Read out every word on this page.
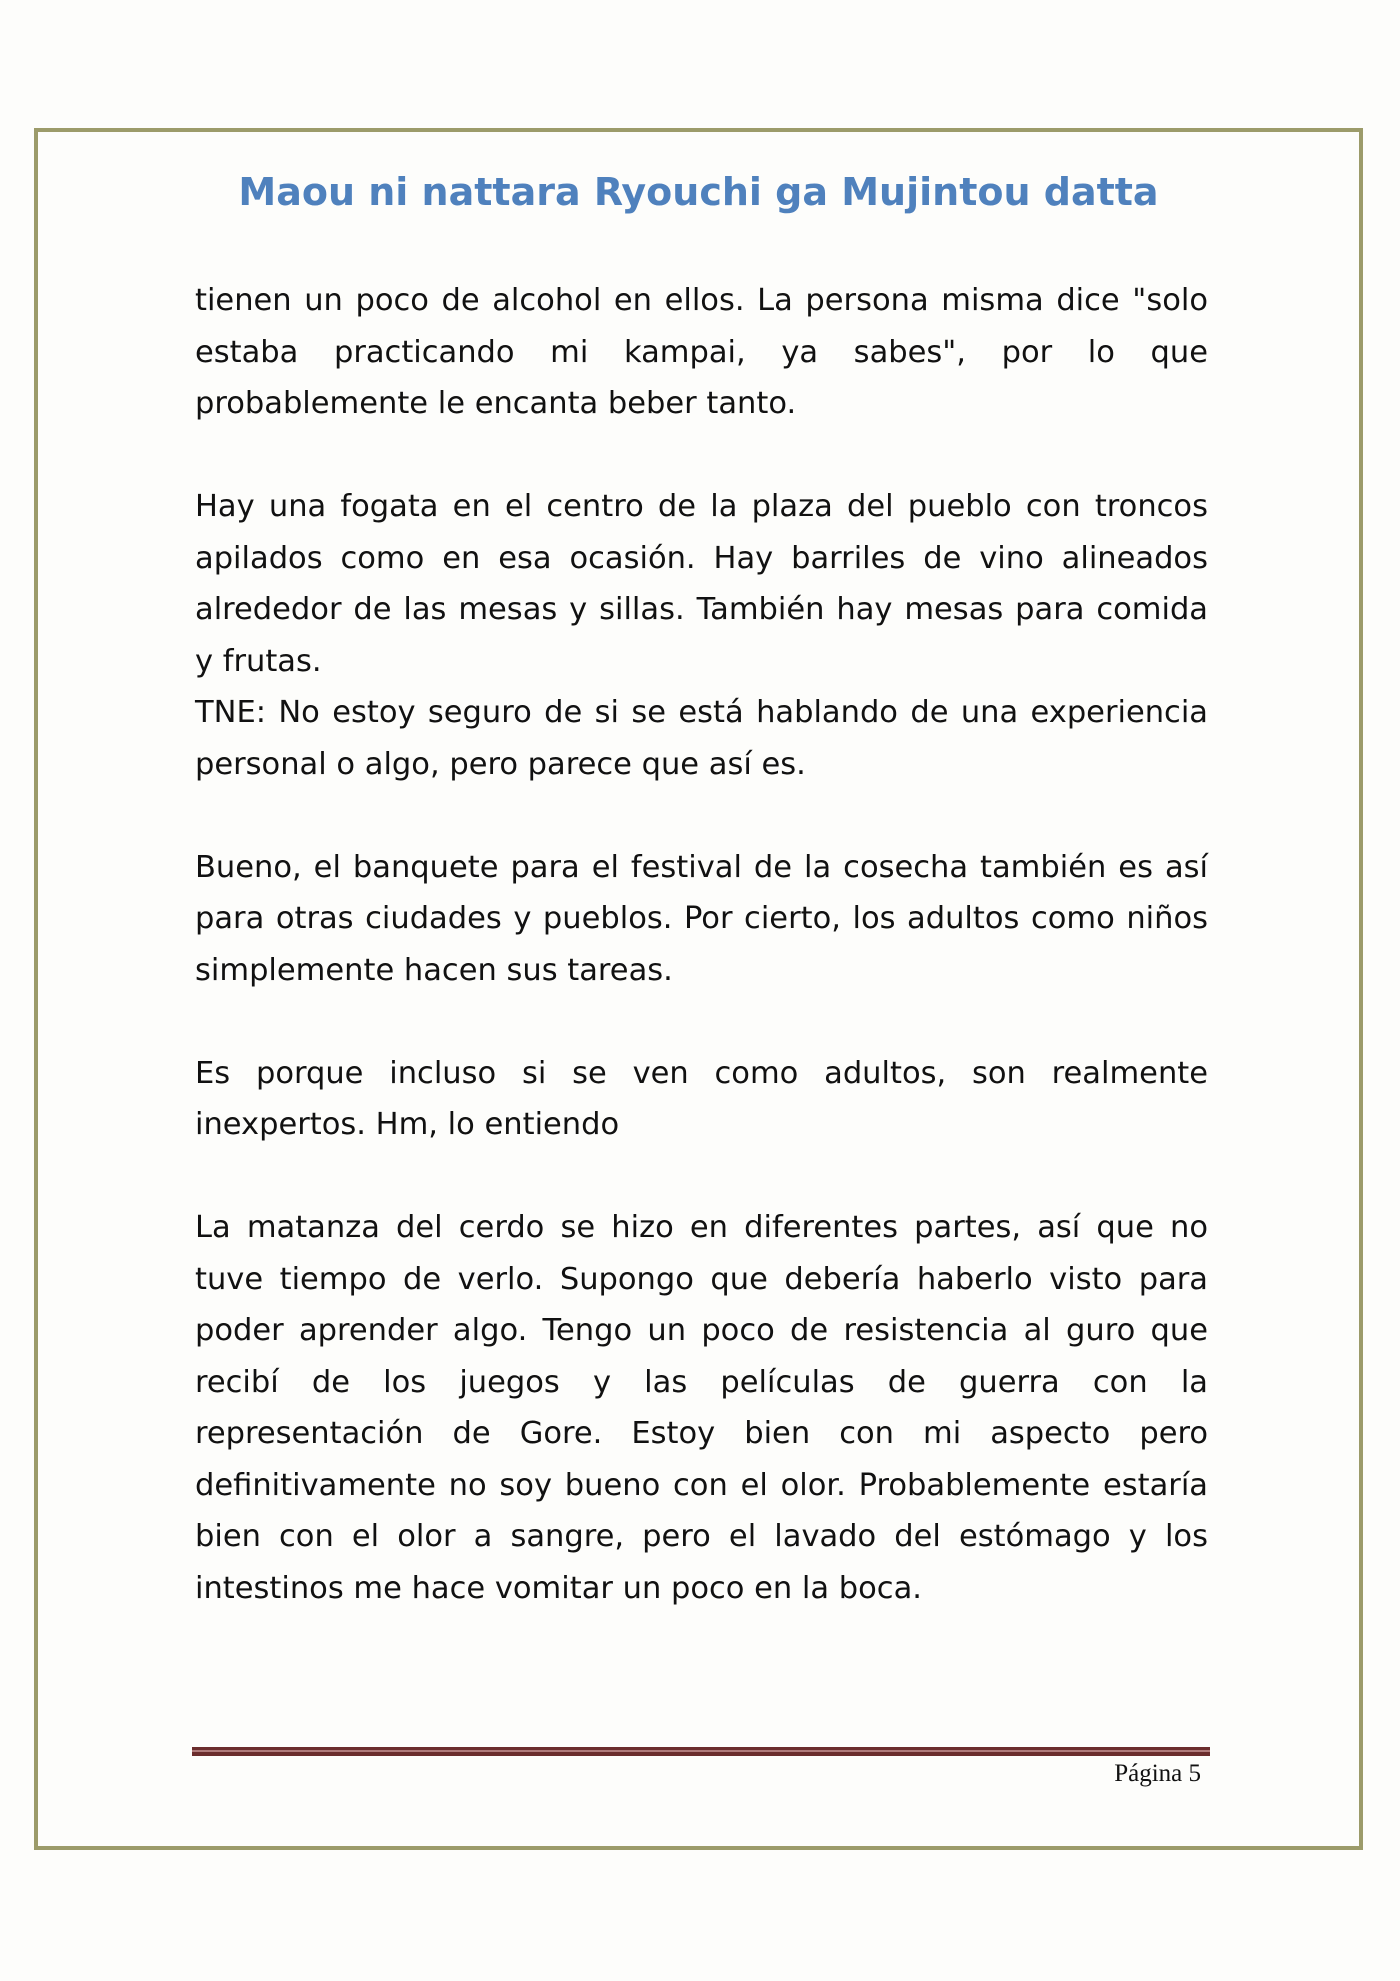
Maou ni nattara Ryouchi ga Mujintou datta

tienen un poco de alcohol en ellos. La persona misma dice "solo estaba practicando mi kampai, ya sabes", por lo que probablemente le encanta beber tanto.

Hay una fogata en el centro de la plaza del pueblo con troncos apilados como en esa ocasión. Hay barriles de vino alineados alrededor de las mesas y sillas. También hay mesas para comida y frutas.

TNE: No estoy seguro de si se está hablando de una experiencia personal o algo, pero parece que así es.

Bueno, el banquete para el festival de la cosecha también es así para otras ciudades y pueblos. Por cierto, los adultos como niños simplemente hacen sus tareas.

Es porque incluso si se ven como adultos, son realmente inexpertos. Hm, lo entiendo

La matanza del cerdo se hizo en diferentes partes, así que no tuve tiempo de verlo. Supongo que debería haberlo visto para poder aprender algo. Tengo un poco de resistencia al guro que recibí de los juegos y las películas de guerra con la representación de Gore. Estoy bien con mi aspecto pero definitivamente no soy bueno con el olor. Probablemente estaría bien con el olor a sangre, pero el lavado del estómago y los intestinos me hace vomitar un poco en la boca.

Página 5
